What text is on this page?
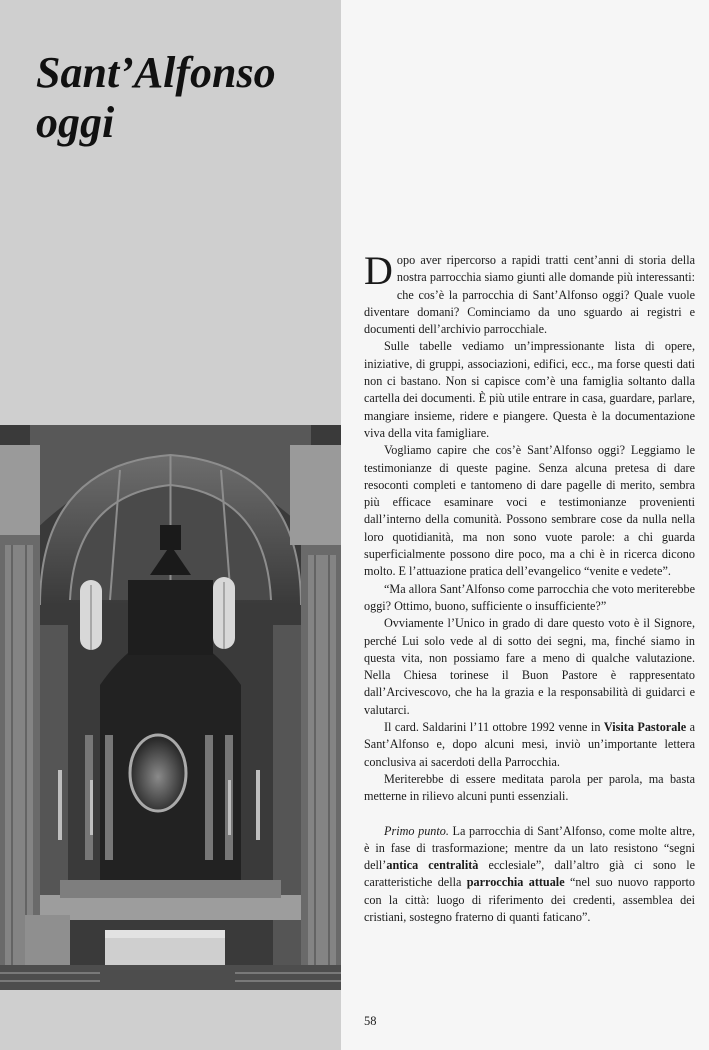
Sant’Alfonso
oggi

Dopo aver ripercorso a rapidi tratti cent’anni di storia della nostra parrocchia siamo giunti alle domande più interessanti: che cos’è la parrocchia di Sant’Alfonso oggi? Quale vuole diventare domani? Cominciamo da uno sguardo ai registri e documenti dell’archivio parrocchiale.

Sulle tabelle vediamo un’impressionante lista di opere, iniziative, di gruppi, associazioni, edifici, ecc., ma forse questi dati non ci bastano. Non si capisce com’è una famiglia soltanto dalla cartella dei documenti. È più utile entrare in casa, guardare, parlare, mangiare insieme, ridere e piangere. Questa è la documentazione viva della vita famigliare.

Vogliamo capire che cos’è Sant’Alfonso oggi? Leggiamo le testimonianze di queste pagine. Senza alcuna pretesa di dare resoconti completi e tantomeno di dare pagelle di merito, sembra più efficace esaminare voci e testimonianze provenienti dall’interno della comunità. Possono sembrare cose da nulla nella loro quotidianità, ma non sono vuote parole: a chi guarda superficialmente possono dire poco, ma a chi è in ricerca dicono molto. E l’attuazione pratica dell’evangelico “venite e vedete”.

“Ma allora Sant’Alfonso come parrocchia che voto meriterebbe oggi? Ottimo, buono, sufficiente o insufficiente?”

Ovviamente l’Unico in grado di dare questo voto è il Signore, perché Lui solo vede al di sotto dei segni, ma, finché siamo in questa vita, non possiamo fare a meno di qualche valutazione. Nella Chiesa torinese il Buon Pastore è rappresentato dall’Arcivescovo, che ha la grazia e la responsabilità di guidarci e valutarci.

Il card. Saldarini l’11 ottobre 1992 venne in Visita Pastorale a Sant’Alfonso e, dopo alcuni mesi, inviò un’importante lettera conclusiva ai sacerdoti della Parrocchia.

Meriterebbe di essere meditata parola per parola, ma basta metterne in rilievo alcuni punti essenziali.

Primo punto. La parrocchia di Sant’Alfonso, come molte altre, è in fase di trasformazione; mentre da un lato resistono “segni dell’antica centralità ecclesiale”, dall’altro già ci sono le caratteristiche della parrocchia attuale “nel suo nuovo rapporto con la città: luogo di riferimento dei credenti, assemblea dei cristiani, sostegno fraterno di quanti faticano”.

58
